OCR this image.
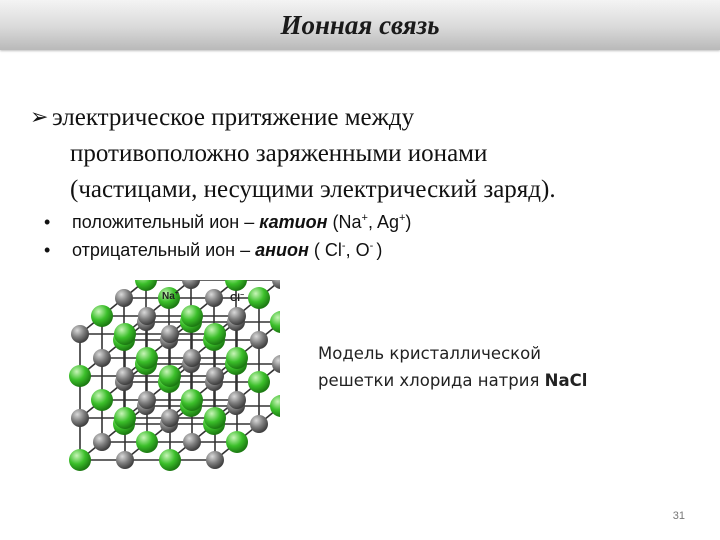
Ионная связь
➢ электрическое притяжение между
противоположно заряженными ионами
(частицами, несущими электрический заряд).
• положительный ион – катион (Na+, Ag+)
• отрицательный ион – анион ( Cl-, O- )
Na+	Cl−
Модель кристаллической
решетки хлорида натрия NaCl
31
